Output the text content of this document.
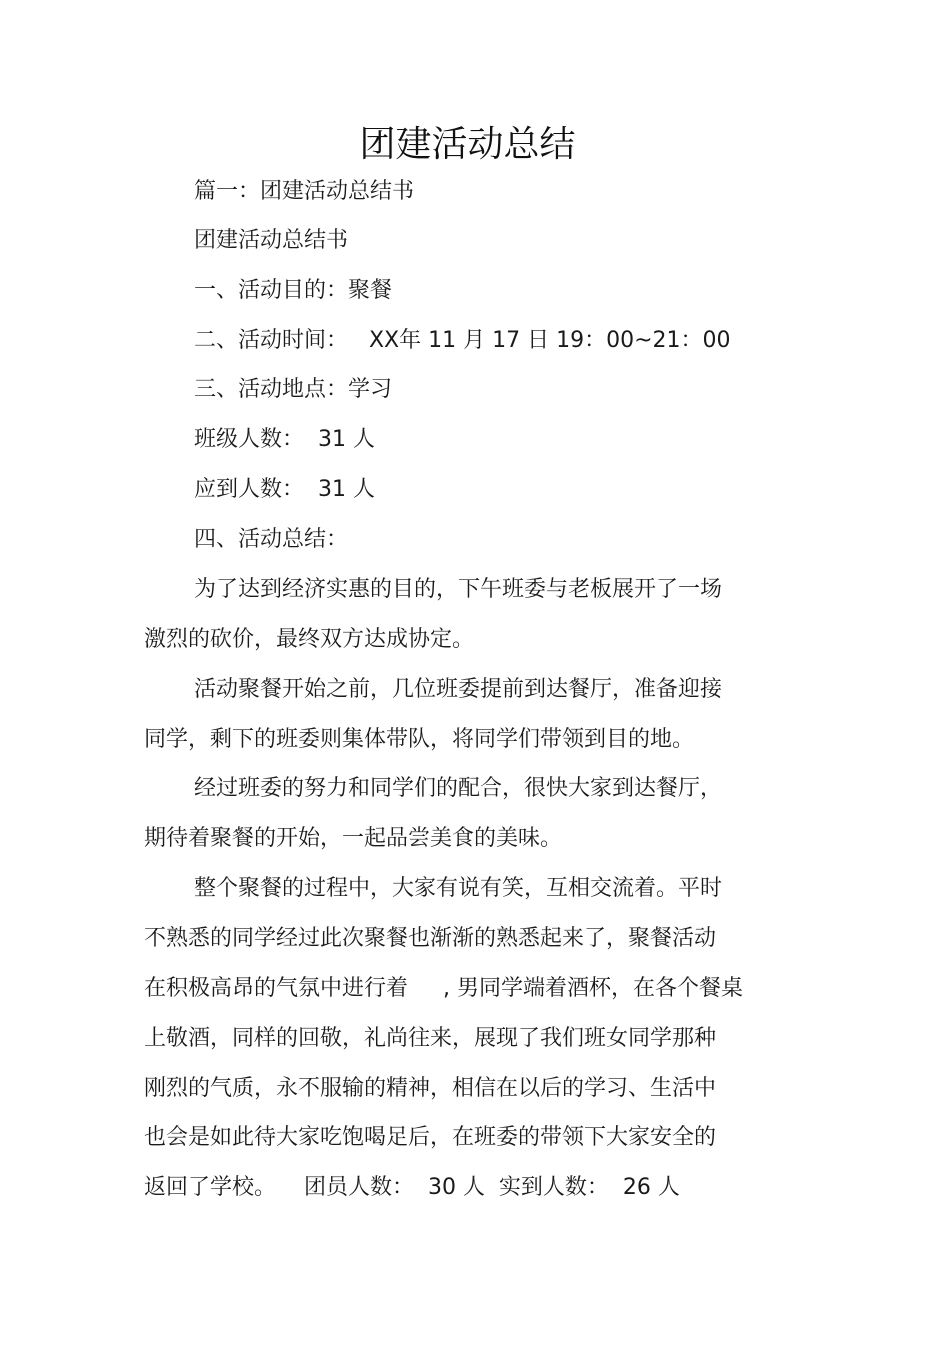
团建活动总结
篇一：团建活动总结书
团建活动总结书
一、活动目的：聚餐
二、活动时间：   XX年 11 月 17 日 19：00~21：00
三、活动地点：学习
班级人数：  31 人
应到人数：  31 人
四、活动总结：
为了达到经济实惠的目的，下午班委与老板展开了一场
激烈的砍价，最终双方达成协定。
活动聚餐开始之前，几位班委提前到达餐厅，准备迎接
同学，剩下的班委则集体带队，将同学们带领到目的地。
经过班委的努力和同学们的配合，很快大家到达餐厅，
期待着聚餐的开始，一起品尝美食的美味。
整个聚餐的过程中，大家有说有笑，互相交流着。平时
不熟悉的同学经过此次聚餐也渐渐的熟悉起来了，聚餐活动
在积极高昂的气氛中进行着     , 男同学端着酒杯，在各个餐桌
上敬酒，同样的回敬，礼尚往来，展现了我们班女同学那种
刚烈的气质，永不服输的精神，相信在以后的学习、生活中
也会是如此待大家吃饱喝足后，在班委的带领下大家安全的
返回了学校。    团员人数：  30 人  实到人数：  26 人
